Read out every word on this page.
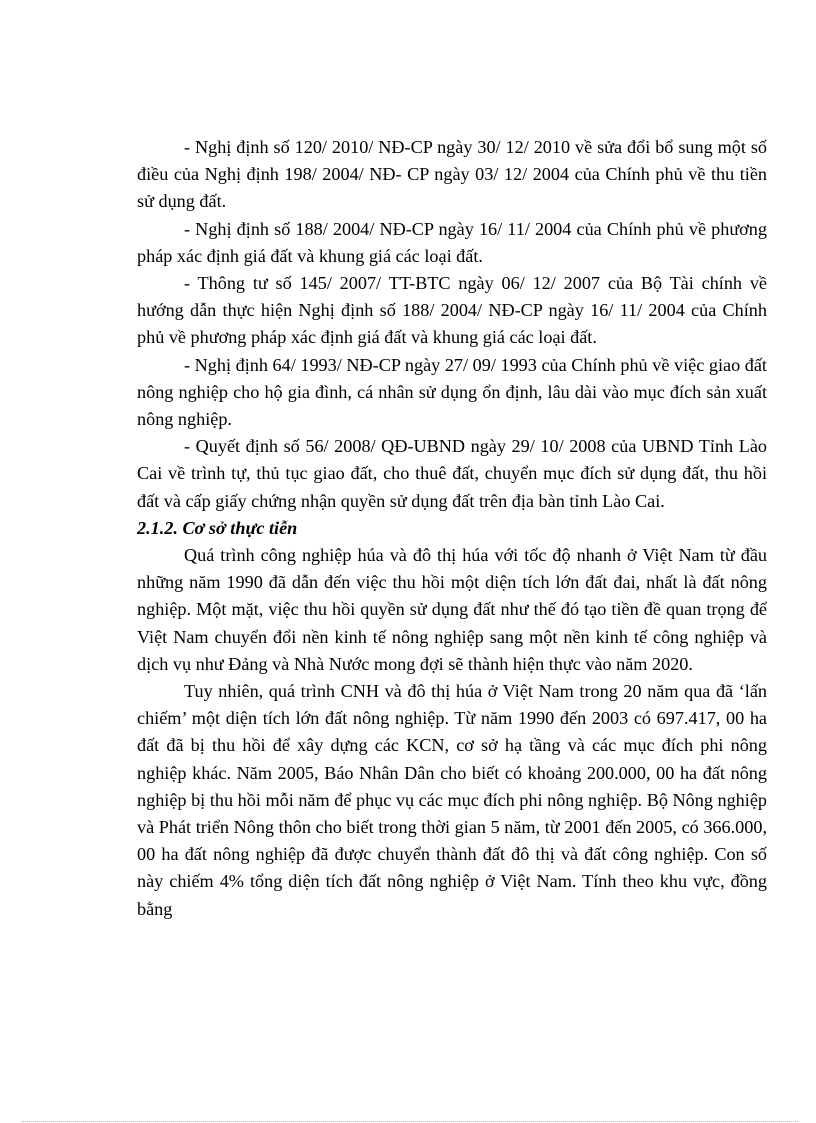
- Nghị định số 120/ 2010/ NĐ-CP ngày 30/ 12/ 2010 về sửa đổi bổ sung một số điều của Nghị định 198/ 2004/ NĐ- CP ngày 03/ 12/ 2004 của Chính phủ về thu tiền sử dụng đất.

- Nghị định số 188/ 2004/ NĐ-CP ngày 16/ 11/ 2004 của Chính phủ về phương pháp xác định giá đất và khung giá các loại đất.

- Thông tư số 145/ 2007/ TT-BTC ngày 06/ 12/ 2007 của Bộ Tài chính về hướng dẫn thực hiện Nghị định số 188/ 2004/ NĐ-CP ngày 16/ 11/ 2004 của Chính phủ về phương pháp xác định giá đất và khung giá các loại đất.

- Nghị định 64/ 1993/ NĐ-CP ngày 27/ 09/ 1993 của Chính phủ về việc giao đất nông nghiệp cho hộ gia đình, cá nhân sử dụng ổn định, lâu dài vào mục đích sản xuất nông nghiệp.

- Quyết định số 56/ 2008/ QĐ-UBND ngày 29/ 10/ 2008 của UBND Tỉnh Lào Cai về trình tự, thủ tục giao đất, cho thuê đất, chuyển mục đích sử dụng đất, thu hồi đất và cấp giấy chứng nhận quyền sử dụng đất trên địa bàn tỉnh Lào Cai.

2.1.2. Cơ sở thực tiễn

Quá trình công nghiệp húa và đô thị húa với tốc độ nhanh ở Việt Nam từ đầu những năm 1990 đã dẫn đến việc thu hồi một diện tích lớn đất đai, nhất là đất nông nghiệp. Một mặt, việc thu hồi quyền sử dụng đất như thế đó tạo tiền đề quan trọng để Việt Nam chuyển đổi nền kinh tế nông nghiệp sang một nền kinh tế công nghiệp và dịch vụ như Đảng và Nhà Nước mong đợi sẽ thành hiện thực vào năm 2020.

Tuy nhiên, quá trình CNH và đô thị húa ở Việt Nam trong 20 năm qua đã ‘lấn chiếm’ một diện tích lớn đất nông nghiệp. Từ năm 1990 đến 2003 có 697.417, 00 ha đất đã bị thu hồi để xây dựng các KCN, cơ sở hạ tầng và các mục đích phi nông nghiệp khác. Năm 2005, Báo Nhân Dân cho biết có khoảng 200.000, 00 ha đất nông nghiệp bị thu hồi mỗi năm để phục vụ các mục đích phi nông nghiệp. Bộ Nông nghiệp và Phát triển Nông thôn cho biết trong thời gian 5 năm, từ 2001 đến 2005, có 366.000, 00 ha đất nông nghiệp đã được chuyển thành đất đô thị và đất công nghiệp. Con số này chiếm 4% tổng diện tích đất nông nghiệp ở Việt Nam. Tính theo khu vực, đồng bằng
